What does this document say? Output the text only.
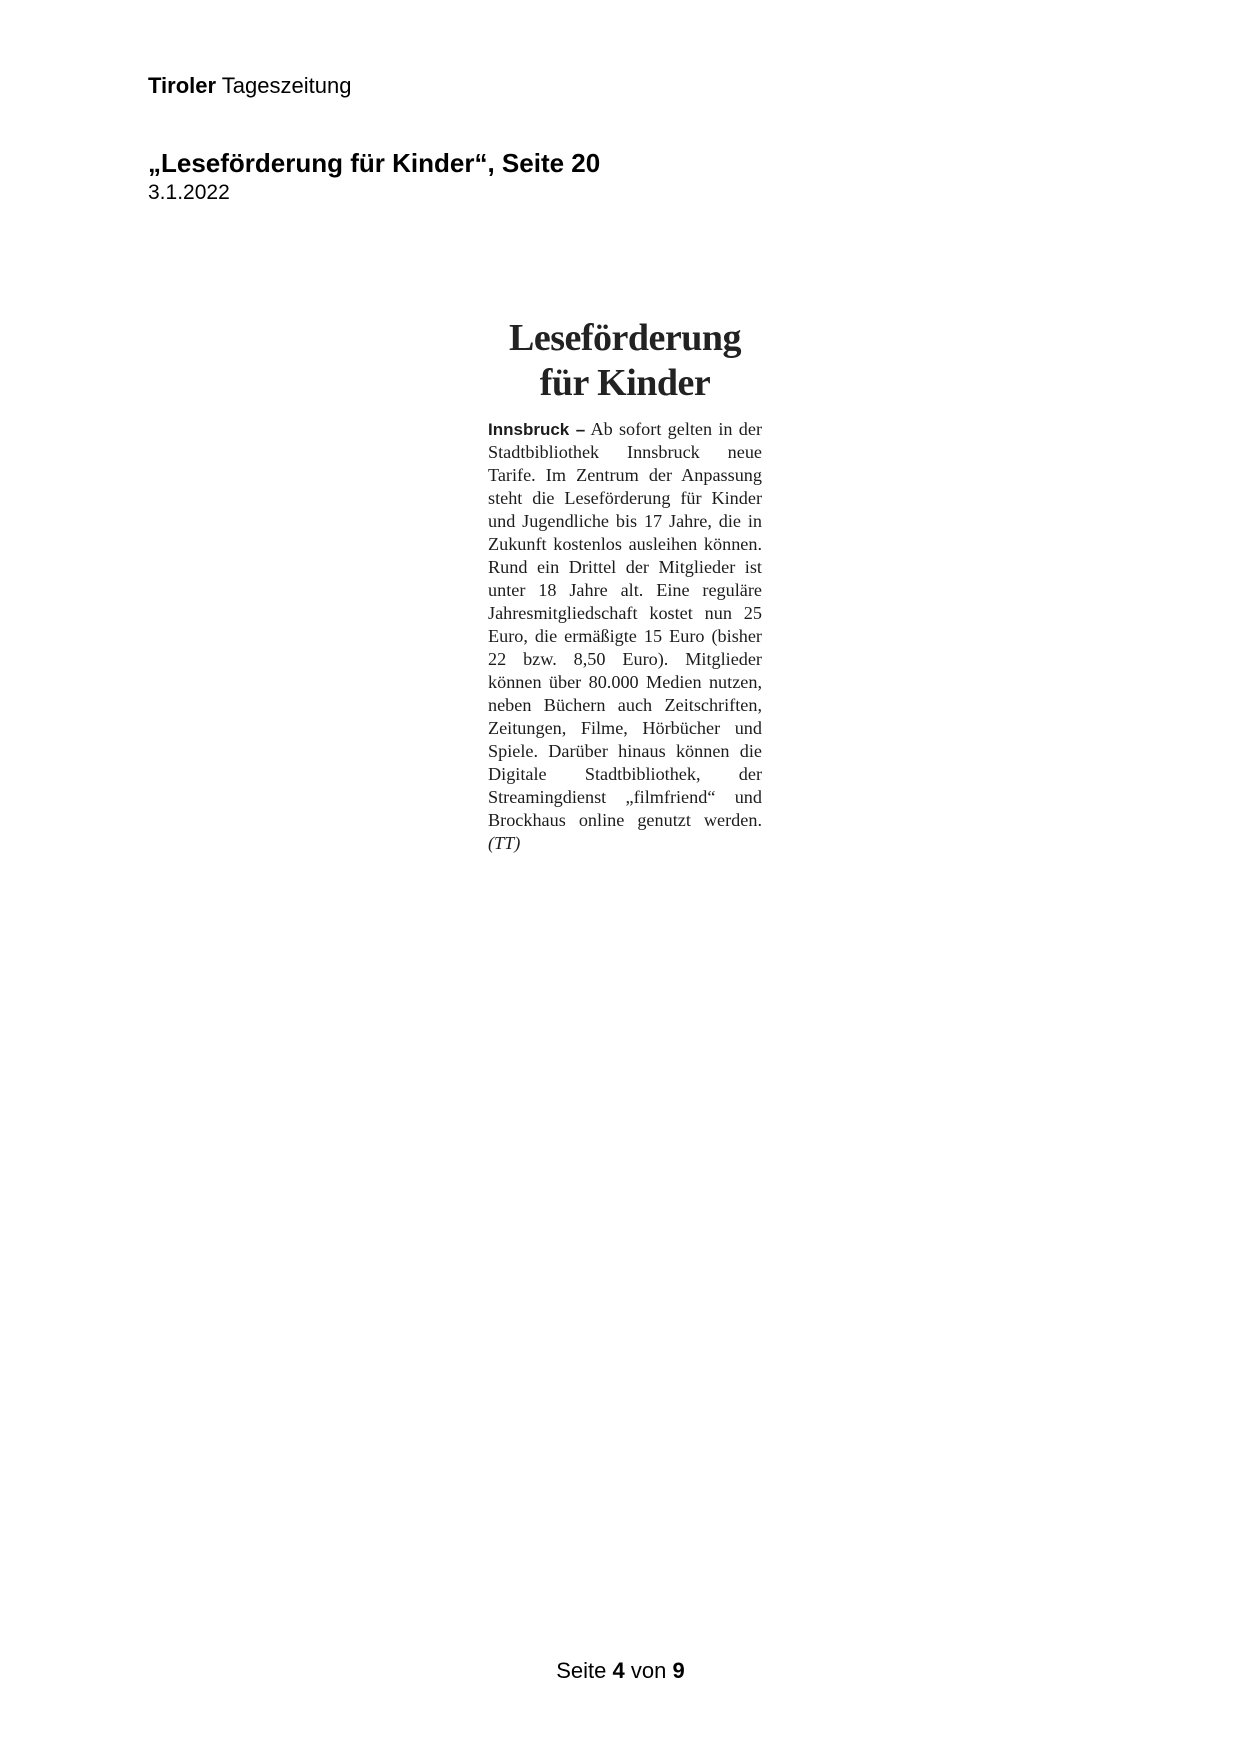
Tiroler Tageszeitung
„Leseförderung für Kinder“, Seite 20
3.1.2022
Leseförderung
für Kinder

Innsbruck – Ab sofort gelten in der Stadtbibliothek Innsbruck neue Tarife. Im Zentrum der Anpassung steht die Leseförderung für Kinder und Jugendliche bis 17 Jahre, die in Zukunft kostenlos ausleihen können. Rund ein Drittel der Mitglieder ist unter 18 Jahre alt. Eine reguläre Jahresmitgliedschaft kostet nun 25 Euro, die ermäßigte 15 Euro (bisher 22 bzw. 8,50 Euro). Mitglieder können über 80.000 Medien nutzen, neben Büchern auch Zeitschriften, Zeitungen, Filme, Hörbücher und Spiele. Darüber hinaus können die Digitale Stadtbibliothek, der Streamingdienst „filmfriend“ und Brockhaus online genutzt werden. (TT)

Seite 4 von 9
